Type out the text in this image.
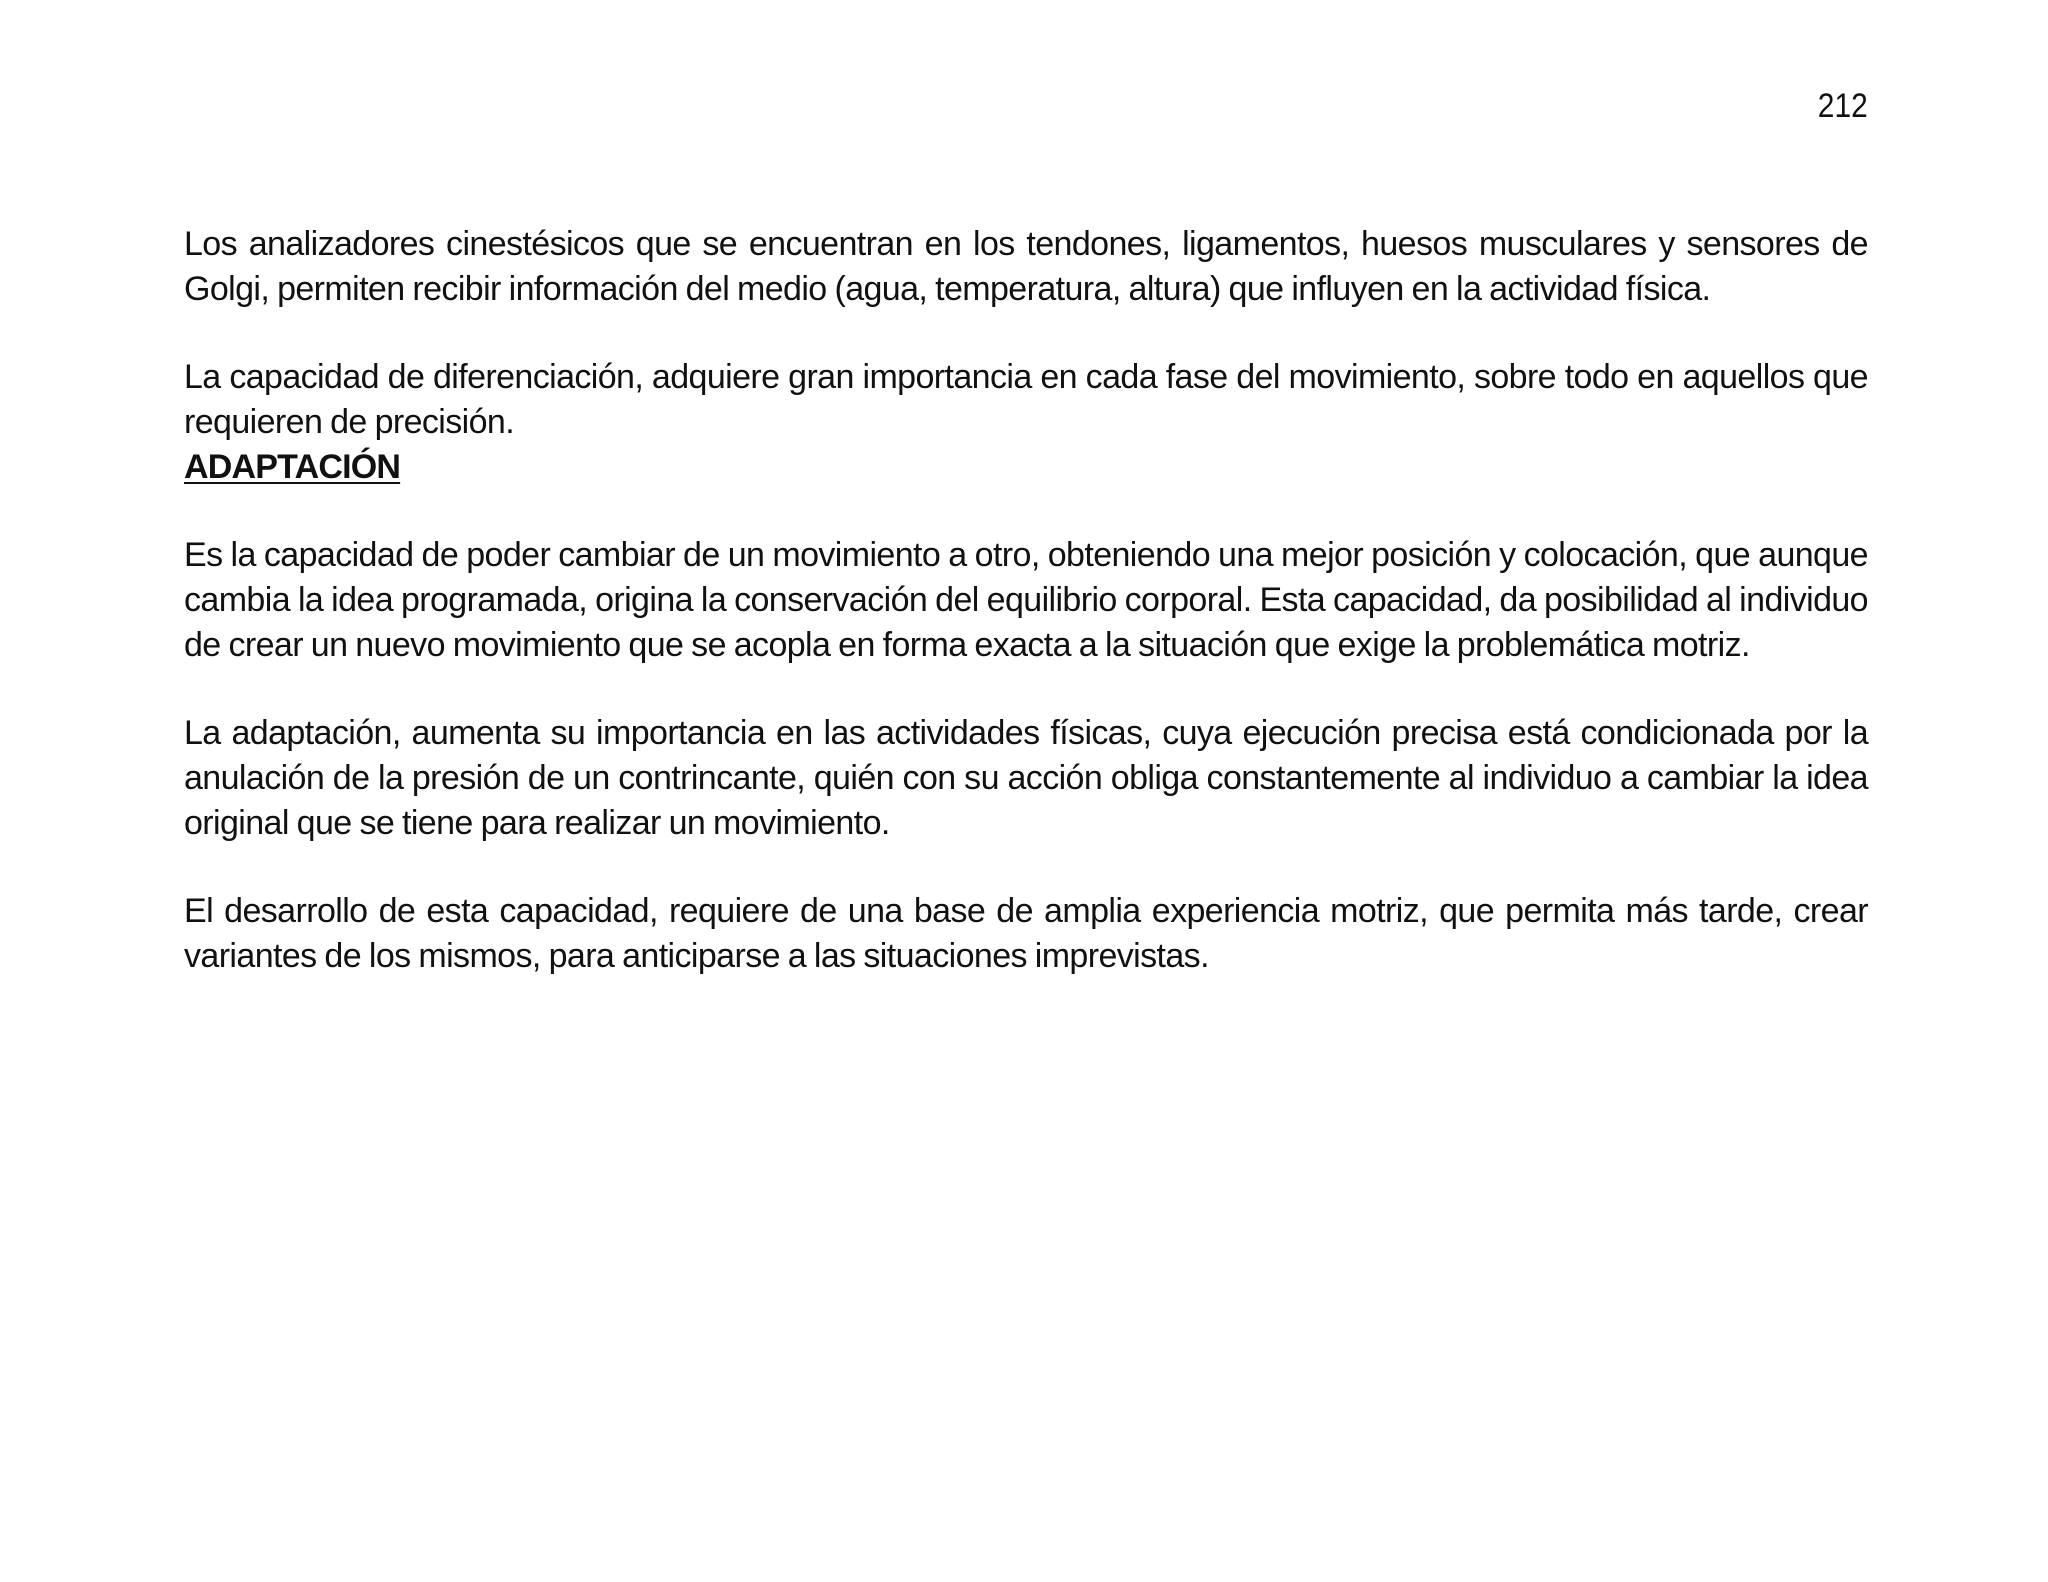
212

Los analizadores cinestésicos que se encuentran en los tendones, ligamentos, huesos musculares y sensores de Golgi, permiten recibir información del medio (agua, temperatura, altura) que influyen en la actividad física.

La capacidad de diferenciación, adquiere gran importancia en cada fase del movimiento, sobre todo en aquellos que requieren de precisión.

ADAPTACIÓN

Es la capacidad de poder cambiar de un movimiento a otro, obteniendo una mejor posición y colocación, que aunque cambia la idea programada, origina la conservación del equilibrio corporal. Esta capacidad, da posibilidad al individuo de crear un nuevo movimiento que se acopla en forma exacta a la situación que exige la problemática motriz.

La adaptación, aumenta su importancia en las actividades físicas, cuya ejecución precisa está condicionada por la anulación de la presión de un contrincante, quién con su acción obliga constantemente al individuo a cambiar la idea original que se tiene para realizar un movimiento.

El desarrollo de esta capacidad, requiere de una base de amplia experiencia motriz, que permita más tarde, crear variantes de los mismos, para anticiparse a las situaciones imprevistas.
